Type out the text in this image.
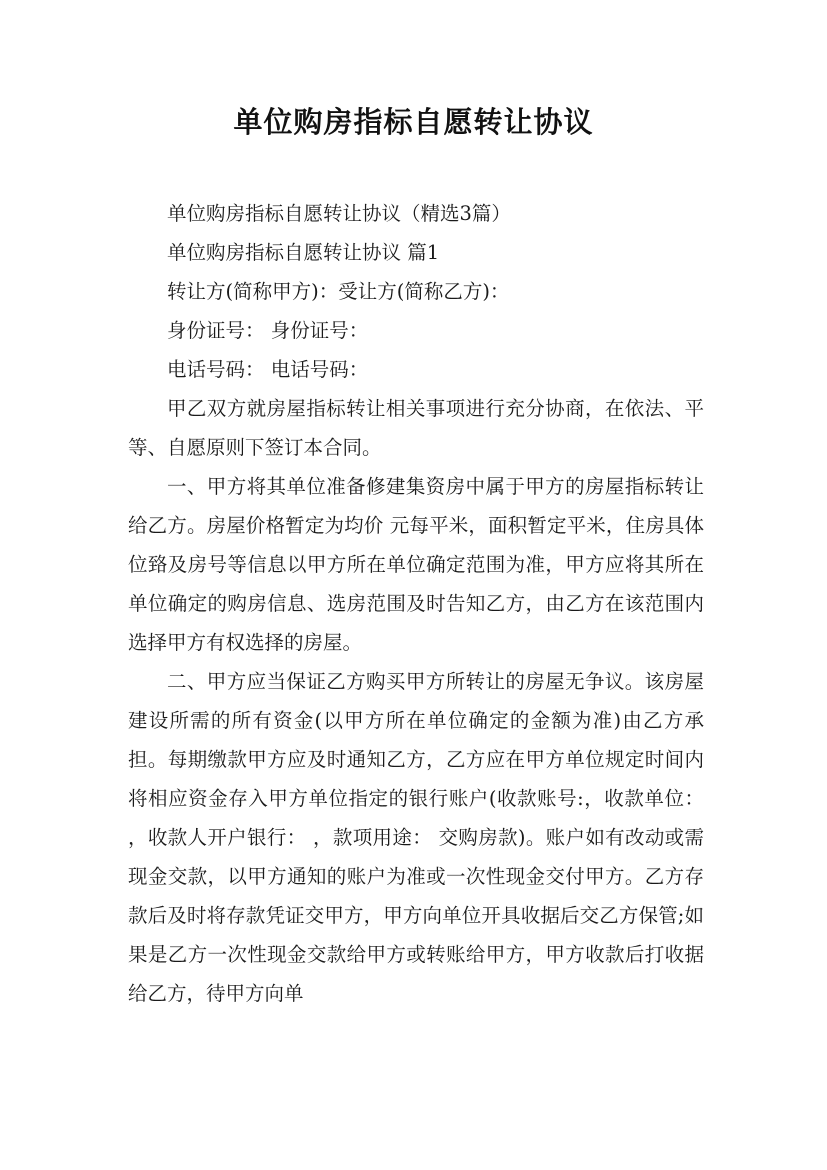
单位购房指标自愿转让协议

单位购房指标自愿转让协议（精选3篇）

单位购房指标自愿转让协议 篇1

转让方(简称甲方)：受让方(简称乙方)：

身份证号： 身份证号：

电话号码： 电话号码：

甲乙双方就房屋指标转让相关事项进行充分协商，在依法、平等、自愿原则下签订本合同。

一、甲方将其单位准备修建集资房中属于甲方的房屋指标转让给乙方。房屋价格暂定为均价 元每平米，面积暂定平米，住房具体位臵及房号等信息以甲方所在单位确定范围为准，甲方应将其所在单位确定的购房信息、选房范围及时告知乙方，由乙方在该范围内选择甲方有权选择的房屋。

二、甲方应当保证乙方购买甲方所转让的房屋无争议。该房屋建设所需的所有资金(以甲方所在单位确定的金额为准)由乙方承担。每期缴款甲方应及时通知乙方，乙方应在甲方单位规定时间内将相应资金存入甲方单位指定的银行账户(收款账号:，收款单位： ，收款人开户银行： ，款项用途： 交购房款)。账户如有改动或需现金交款，以甲方通知的账户为准或一次性现金交付甲方。乙方存款后及时将存款凭证交甲方，甲方向单位开具收据后交乙方保管;如果是乙方一次性现金交款给甲方或转账给甲方，甲方收款后打收据给乙方，待甲方向单
